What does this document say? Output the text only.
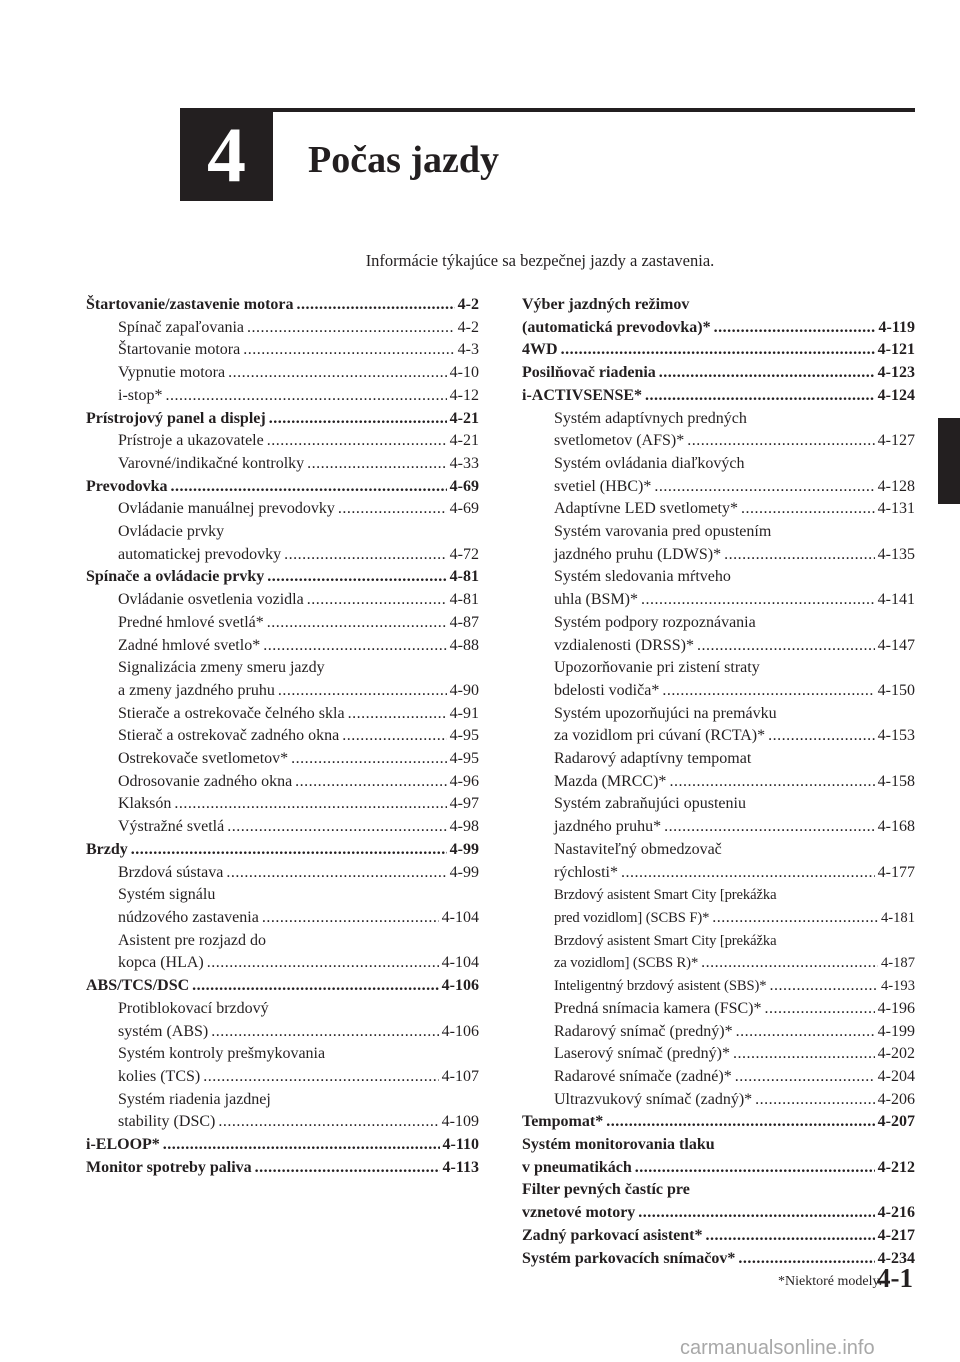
4	Počas jazdy
Informácie týkajúce sa bezpečnej jazdy a zastavenia.
Štartovanie/zastavenie motora .....	4-2
Spínač zapaľovania .....	4-2
Štartovanie motora .....	4-3
Vypnutie motora .....	4-10
i-stop* .....	4-12
Prístrojový panel a displej .....	4-21
Prístroje a ukazovatele .....	4-21
Varovné/indikačné kontrolky .....	4-33
Prevodovka .....	4-69
Ovládanie manuálnej prevodovky .....	4-69
Ovládacie prvky
automatickej prevodovky .....	4-72
Spínače a ovládacie prvky .....	4-81
Ovládanie osvetlenia vozidla .....	4-81
Predné hmlové svetlá* .....	4-87
Zadné hmlové svetlo* .....	4-88
Signalizácia zmeny smeru jazdy
a zmeny jazdného pruhu .....	4-90
Stierače a ostrekovače čelného skla .....	4-91
Stierač a ostrekovač zadného okna .....	4-95
Ostrekovače svetlometov* .....	4-95
Odrosovanie zadného okna .....	4-96
Klaksón .....	4-97
Výstražné svetlá .....	4-98
Brzdy .....	4-99
Brzdová sústava .....	4-99
Systém signálu
núdzového zastavenia .....	4-104
Asistent pre rozjazd do
kopca (HLA) .....	4-104
ABS/TCS/DSC .....	4-106
Protiblokovací brzdový
systém (ABS) .....	4-106
Systém kontroly prešmykovania
kolies (TCS) .....	4-107
Systém riadenia jazdnej
stability (DSC) .....	4-109
i-ELOOP* .....	4-110
Monitor spotreby paliva .....	4-113
Výber jazdných režimov
(automatická prevodovka)* .....	4-119
4WD .....	4-121
Posilňovač riadenia .....	4-123
i-ACTIVSENSE* .....	4-124
Systém adaptívnych predných
svetlometov (AFS)* .....	4-127
Systém ovládania diaľkových
svetiel (HBC)* .....	4-128
Adaptívne LED svetlomety* .....	4-131
Systém varovania pred opustením
jazdného pruhu (LDWS)* .....	4-135
Systém sledovania mŕtveho
uhla (BSM)* .....	4-141
Systém podpory rozpoznávania
vzdialenosti (DRSS)* .....	4-147
Upozorňovanie pri zistení straty
bdelosti vodiča* .....	4-150
Systém upozorňujúci na premávku
za vozidlom pri cúvaní (RCTA)* .....	4-153
Radarový adaptívny tempomat
Mazda (MRCC)* .....	4-158
Systém zabraňujúci opusteniu
jazdného pruhu* .....	4-168
Nastaviteľný obmedzovač
rýchlosti* .....	4-177
Brzdový asistent Smart City [prekážka
pred vozidlom] (SCBS F)* .....	4-181
Brzdový asistent Smart City [prekážka
za vozidlom] (SCBS R)* .....	4-187
Inteligentný brzdový asistent (SBS)* .....	4-193
Predná snímacia kamera (FSC)* .....	4-196
Radarový snímač (predný)* .....	4-199
Laserový snímač (predný)* .....	4-202
Radarové snímače (zadné)* .....	4-204
Ultrazvukový snímač (zadný)* .....	4-206
Tempomat* .....	4-207
Systém monitorovania tlaku
v pneumatikách .....	4-212
Filter pevných častíc pre
vznetové motory .....	4-216
Zadný parkovací asistent* .....	4-217
Systém parkovacích snímačov* .....	4-234
*Niektoré modely.
4-1
carmanualsonline.info
